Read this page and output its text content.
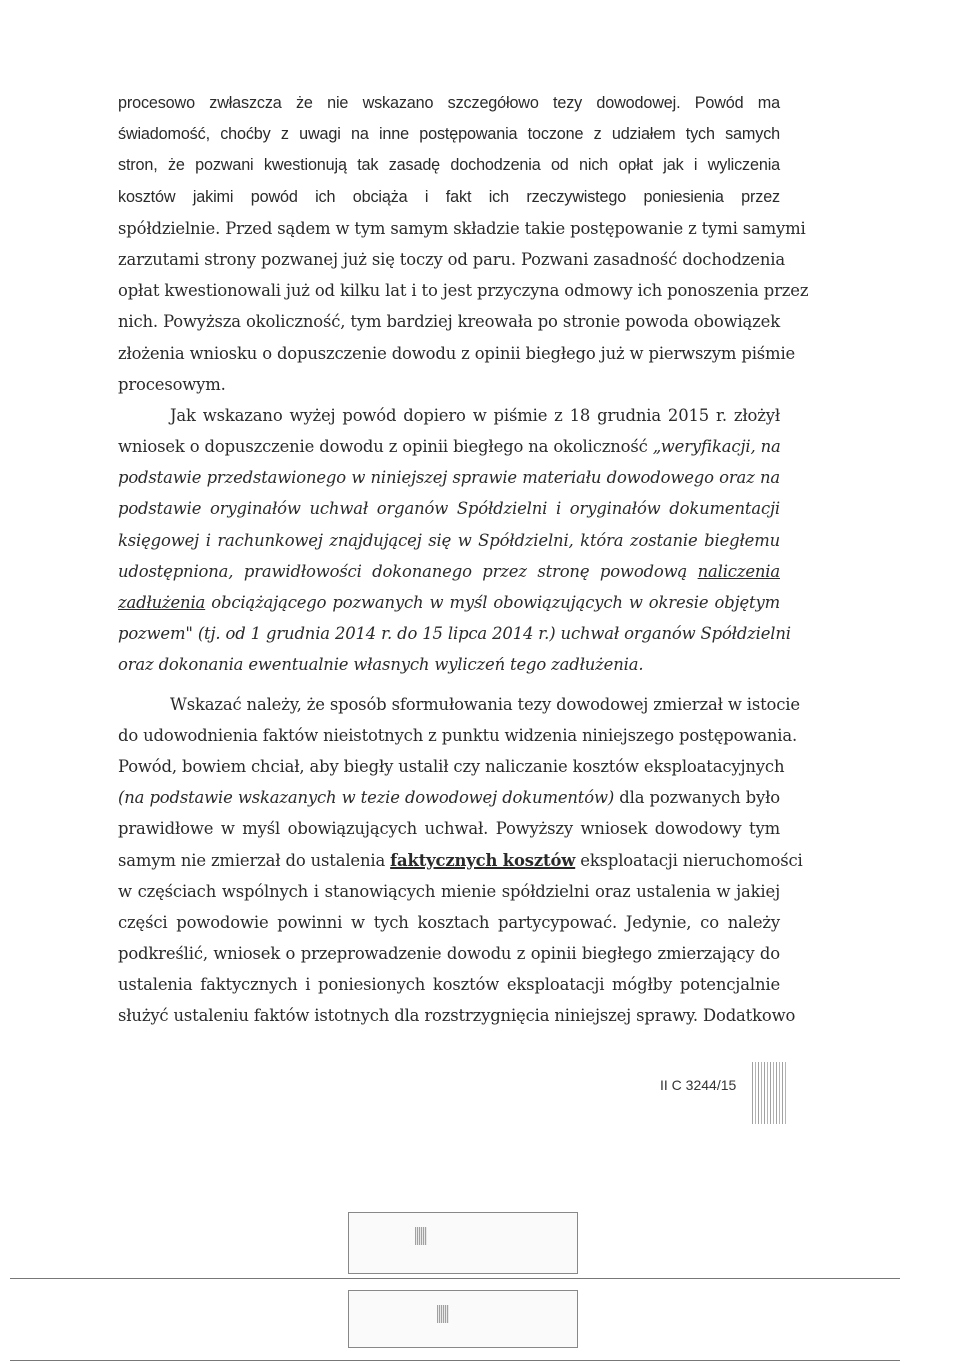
procesowo zwłaszcza że nie wskazano szczegółowo tezy dowodowej. Powód ma
świadomość, choćby z uwagi na inne postępowania toczone z udziałem tych samych
stron, że pozwani kwestionują tak zasadę dochodzenia od nich opłat jak i wyliczenia
kosztów jakimi powód ich obciąża i fakt ich rzeczywistego poniesienia przez
spółdzielnie. Przed sądem w tym samym składzie takie postępowanie z tymi samymi
zarzutami strony pozwanej już się toczy od paru. Pozwani zasadność dochodzenia
opłat kwestionowali już od kilku lat i to jest przyczyna odmowy ich ponoszenia przez
nich. Powyższa okoliczność, tym bardziej kreowała po stronie powoda obowiązek
złożenia wniosku o dopuszczenie dowodu z opinii biegłego już w pierwszym piśmie
procesowym.
Jak wskazano wyżej powód dopiero w piśmie z 18 grudnia 2015 r. złożył
wniosek o dopuszczenie dowodu z opinii biegłego na okoliczność „weryfikacji, na
podstawie przedstawionego w niniejszej sprawie materiału dowodowego oraz na
podstawie oryginałów uchwał organów Spółdzielni i oryginałów dokumentacji
księgowej i rachunkowej znajdującej się w Spółdzielni, która zostanie biegłemu
udostępniona, prawidłowości dokonanego przez stronę powodową naliczenia
zadłużenia obciążającego pozwanych w myśl obowiązujących w okresie objętym
pozwem" (tj. od 1 grudnia 2014 r. do 15 lipca 2014 r.) uchwał organów Spółdzielni
oraz dokonania ewentualnie własnych wyliczeń tego zadłużenia.
Wskazać należy, że sposób sformułowania tezy dowodowej zmierzał w istocie
do udowodnienia faktów nieistotnych z punktu widzenia niniejszego postępowania.
Powód, bowiem chciał, aby biegły ustalił czy naliczanie kosztów eksploatacyjnych
(na podstawie wskazanych w tezie dowodowej dokumentów) dla pozwanych było
prawidłowe w myśl obowiązujących uchwał. Powyższy wniosek dowodowy tym
samym nie zmierzał do ustalenia faktycznych kosztów eksploatacji nieruchomości
w częściach wspólnych i stanowiących mienie spółdzielni oraz ustalenia w jakiej
części powodowie powinni w tych kosztach partycypować. Jedynie, co należy
podkreślić, wniosek o przeprowadzenie dowodu z opinii biegłego zmierzający do
ustalenia faktycznych i poniesionych kosztów eksploatacji mógłby potencjalnie
służyć ustaleniu faktów istotnych dla rozstrzygnięcia niniejszej sprawy. Dodatkowo
II C 3244/15
